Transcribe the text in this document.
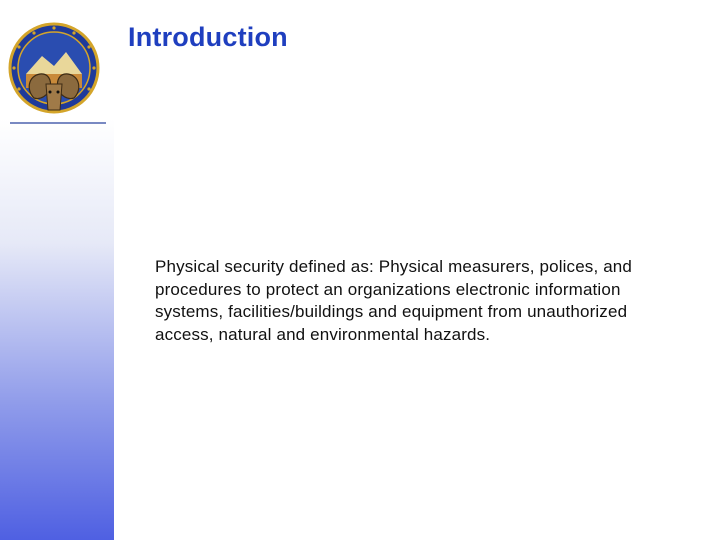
Introduction
Physical security defined as: Physical measurers, polices, and procedures to protect an organizations electronic information systems, facilities/buildings and equipment from unauthorized access, natural and environmental hazards.
